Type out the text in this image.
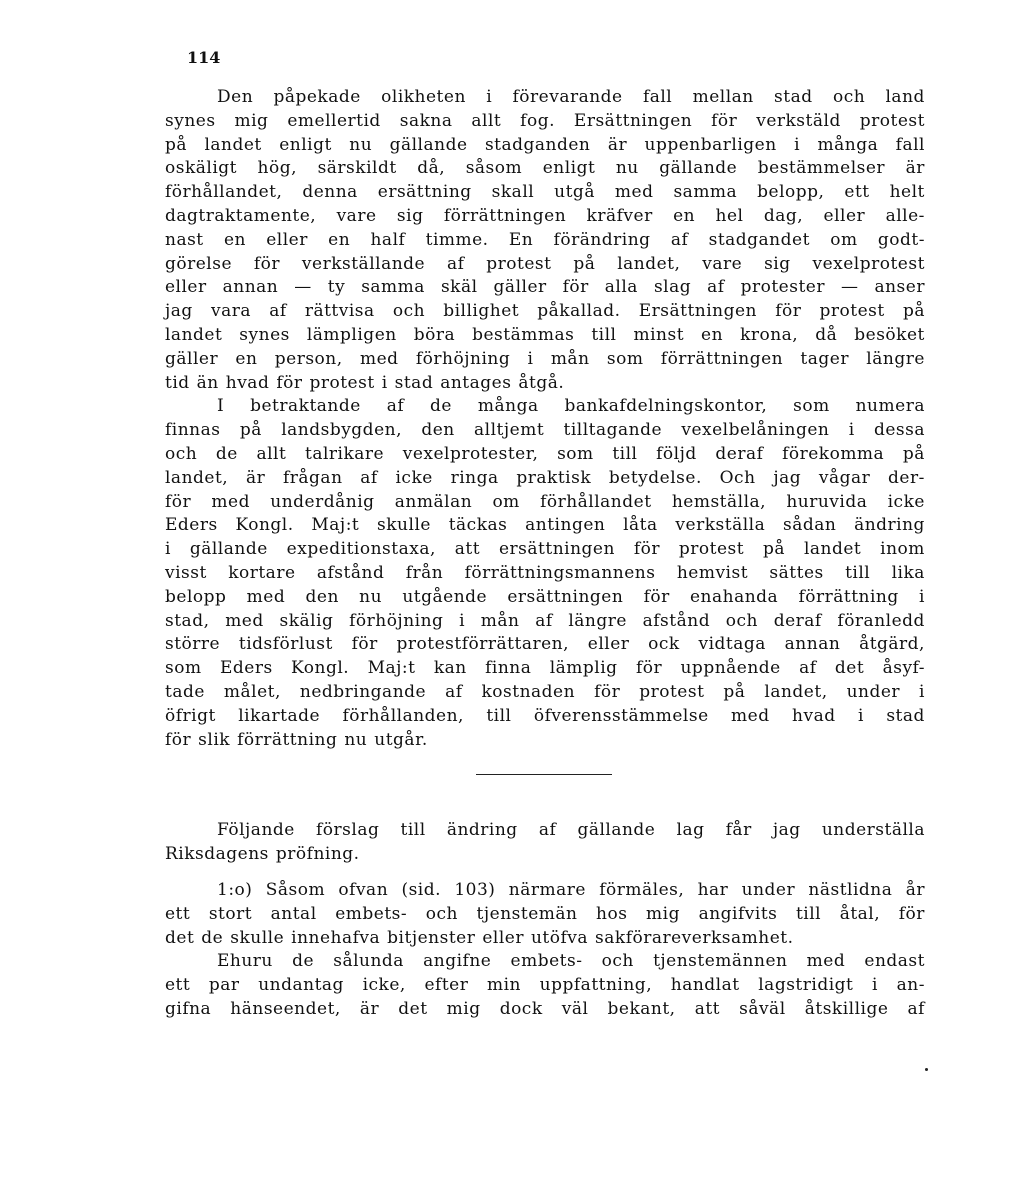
114
Den påpekade olikheten i förevarande fall mellan stad och land
synes mig emellertid sakna allt fog. Ersättningen för verkstäld protest
på landet enligt nu gällande stadganden är uppenbarligen i många fall
oskäligt hög, särskildt då, såsom enligt nu gällande bestämmelser är
förhållandet, denna ersättning skall utgå med samma belopp, ett helt
dagtraktamente, vare sig förrättningen kräfver en hel dag, eller alle-
nast en eller en half timme. En förändring af stadgandet om godt-
görelse för verkställande af protest på landet, vare sig vexelprotest
eller annan — ty samma skäl gäller för alla slag af protester — anser
jag vara af rättvisa och billighet påkallad. Ersättningen för protest på
landet synes lämpligen böra bestämmas till minst en krona, då besöket
gäller en person, med förhöjning i mån som förrättningen tager längre
tid än hvad för protest i stad antages åtgå.
I betraktande af de många bankafdelningskontor, som numera
finnas på landsbygden, den alltjemt tilltagande vexelbelåningen i dessa
och de allt talrikare vexelprotester, som till följd deraf förekomma på
landet, är frågan af icke ringa praktisk betydelse. Och jag vågar der-
för med underdånig anmälan om förhållandet hemställa, huruvida icke
Eders Kongl. Maj:t skulle täckas antingen låta verkställa sådan ändring
i gällande expeditionstaxa, att ersättningen för protest på landet inom
visst kortare afstånd från förrättningsmannens hemvist sättes till lika
belopp med den nu utgående ersättningen för enahanda förrättning i
stad, med skälig förhöjning i mån af längre afstånd och deraf föranledd
större tidsförlust för protestförrättaren, eller ock vidtaga annan åtgärd,
som Eders Kongl. Maj:t kan finna lämplig för uppnående af det åsyf-
tade målet, nedbringande af kostnaden för protest på landet, under i
öfrigt likartade förhållanden, till öfverensstämmelse med hvad i stad
för slik förrättning nu utgår.
Följande förslag till ändring af gällande lag får jag underställa
Riksdagens pröfning.
1:o) Såsom ofvan (sid. 103) närmare förmäles, har under nästlidna år
ett stort antal embets- och tjenstemän hos mig angifvits till åtal, för
det de skulle innehafva bitjenster eller utöfva sakförareverksamhet.
Ehuru de sålunda angifne embets- och tjenstemännen med endast
ett par undantag icke, efter min uppfattning, handlat lagstridigt i an-
gifna hänseendet, är det mig dock väl bekant, att såväl åtskillige af
